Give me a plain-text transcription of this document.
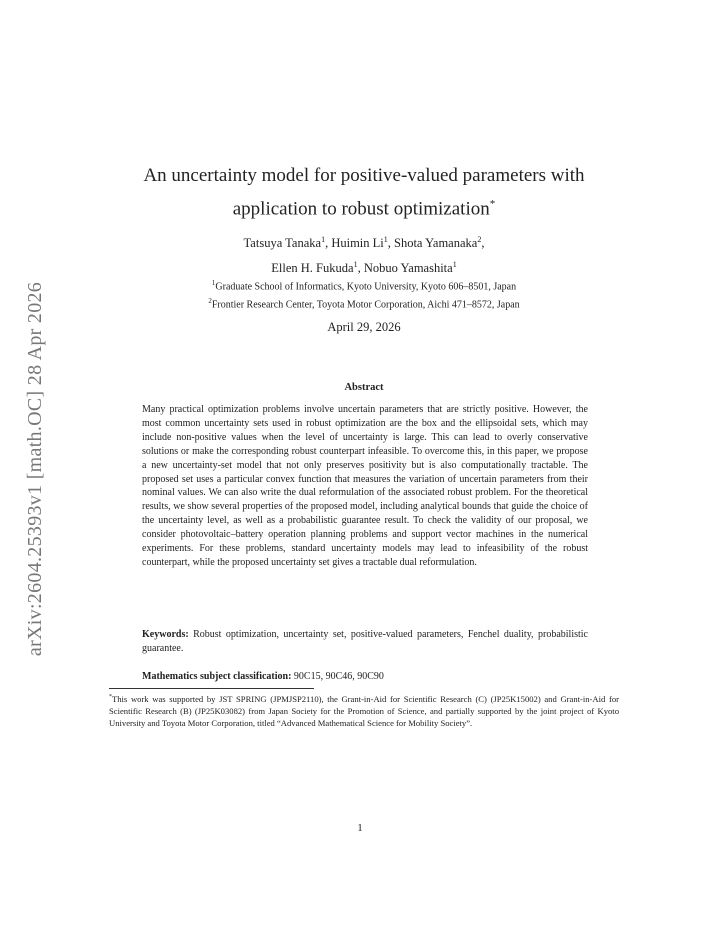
arXiv:2604.25393v1 [math.OC] 28 Apr 2026
An uncertainty model for positive-valued parameters with
application to robust optimization*
Tatsuya Tanaka$^1$, Huimin Li$^1$, Shota Yamanaka$^2$,
Ellen H. Fukuda$^1$, Nobuo Yamashita$^1$
$^1$Graduate School of Informatics, Kyoto University, Kyoto 606–8501, Japan
$^2$Frontier Research Center, Toyota Motor Corporation, Aichi 471–8572, Japan
April 29, 2026
Abstract
Many practical optimization problems involve uncertain parameters that are strictly positive. However, the most common uncertainty sets used in robust optimization are the box and the ellipsoidal sets, which may include non-positive values when the level of uncertainty is large. This can lead to overly conservative solutions or make the corresponding robust counterpart infeasible. To overcome this, in this paper, we propose a new uncertainty-set model that not only preserves positivity but is also computationally tractable. The proposed set uses a particular convex function that measures the variation of uncertain parameters from their nominal values. We can also write the dual reformulation of the associated robust problem. For the theoretical results, we show several properties of the proposed model, including analytical bounds that guide the choice of the uncertainty level, as well as a probabilistic guarantee result. To check the validity of our proposal, we consider photovoltaic–battery operation planning problems and support vector machines in the numerical experiments. For these problems, standard uncertainty models may lead to infeasibility of the robust counterpart, while the proposed uncertainty set gives a tractable dual reformulation.
Keywords: Robust optimization, uncertainty set, positive-valued parameters, Fenchel duality, probabilistic guarantee.
Mathematics subject classification: 90C15, 90C46, 90C90
*This work was supported by JST SPRING (JPMJSP2110), the Grant-in-Aid for Scientific Research (C) (JP25K15002) and Grant-in-Aid for Scientific Research (B) (JP25K03082) from Japan Society for the Promotion of Science, and partially supported by the joint project of Kyoto University and Toyota Motor Corporation, titled “Advanced Mathematical Science for Mobility Society”.
1
